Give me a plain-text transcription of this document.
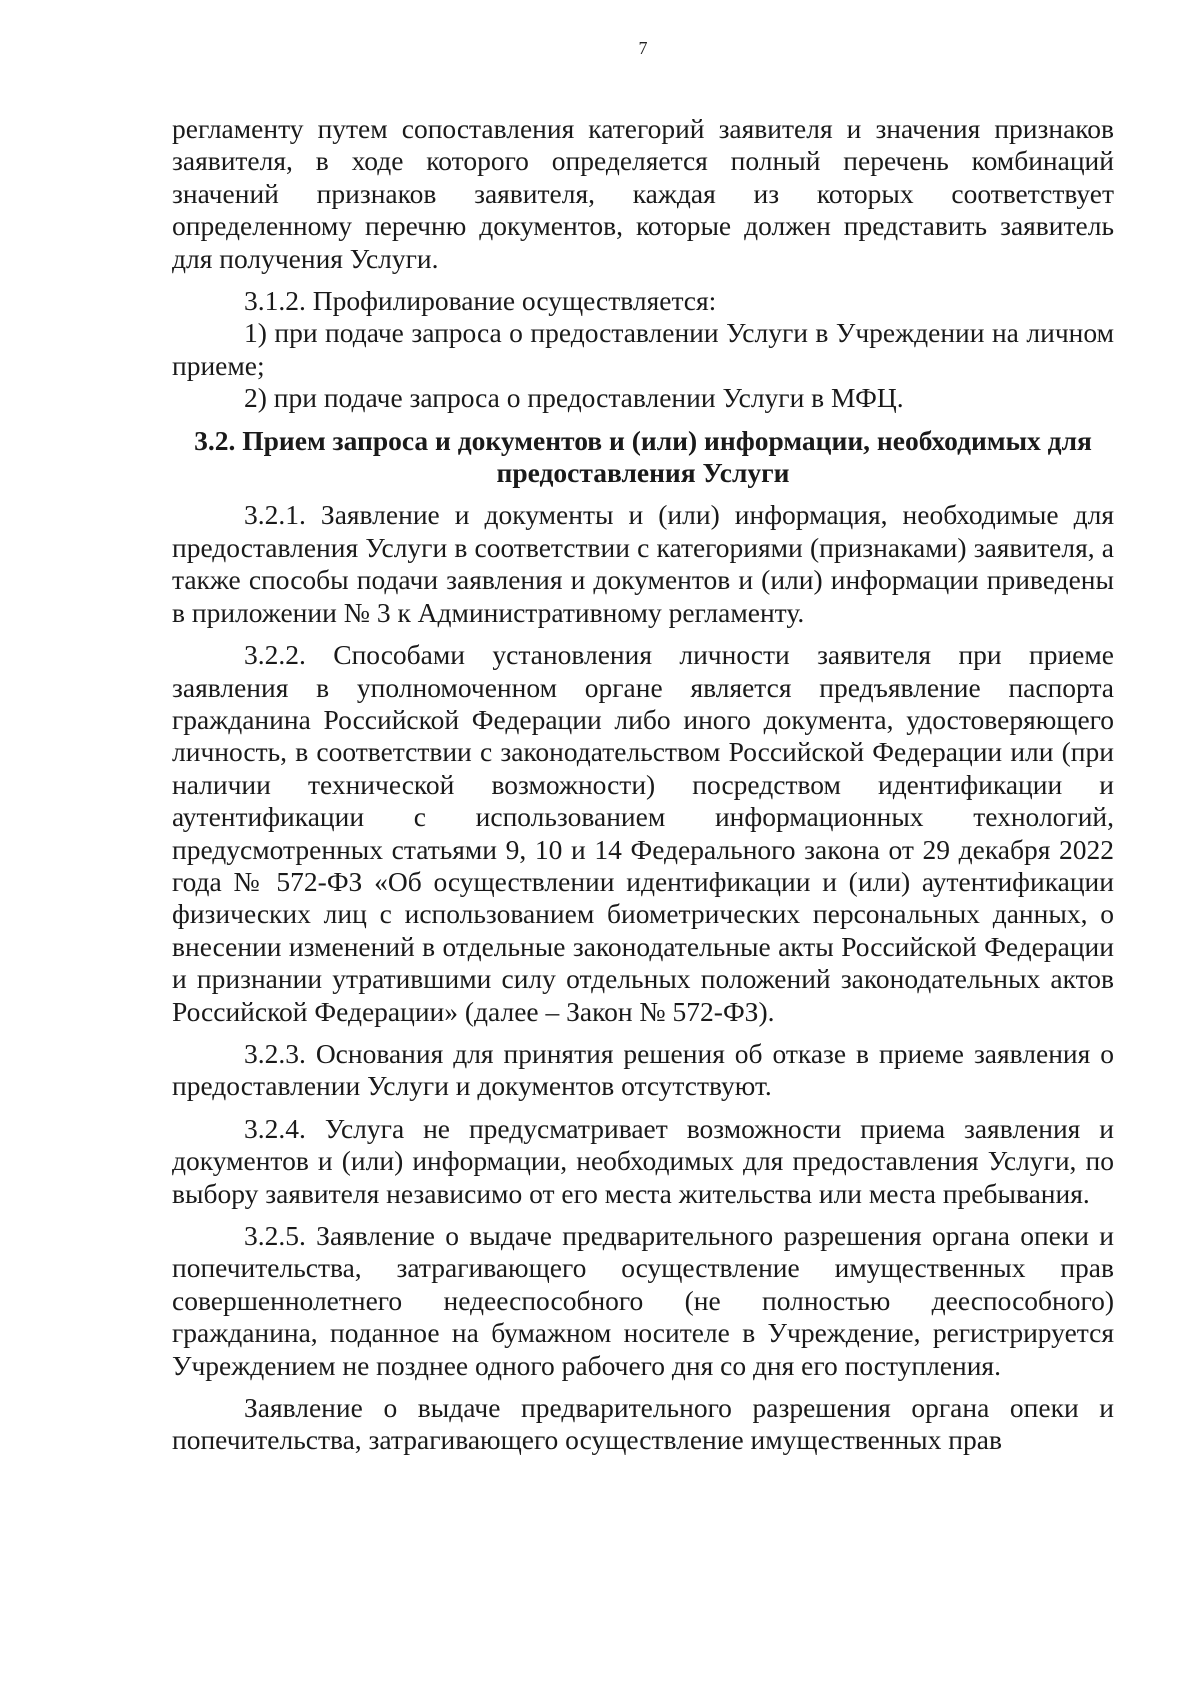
7

регламенту путем сопоставления категорий заявителя и значения признаков заявителя, в ходе которого определяется полный перечень комбинаций значений признаков заявителя, каждая из которых соответствует определенному перечню документов, которые должен представить заявитель для получения Услуги.

3.1.2. Профилирование осуществляется:

1) при подаче запроса о предоставлении Услуги в Учреждении на личном приеме;

2) при подаче запроса о предоставлении Услуги в МФЦ.

3.2. Прием запроса и документов и (или) информации, необходимых для предоставления Услуги

3.2.1. Заявление и документы и (или) информация, необходимые для предоставления Услуги в соответствии с категориями (признаками) заявителя, а также способы подачи заявления и документов и (или) информации приведены в приложении № 3 к Административному регламенту.

3.2.2. Способами установления личности заявителя при приеме заявления в уполномоченном органе является предъявление паспорта гражданина Российской Федерации либо иного документа, удостоверяющего личность, в соответствии с законодательством Российской Федерации или (при наличии технической возможности) посредством идентификации и аутентификации с использованием информационных технологий, предусмотренных статьями 9, 10 и 14 Федерального закона от 29 декабря 2022 года № 572-ФЗ «Об осуществлении идентификации и (или) аутентификации физических лиц с использованием биометрических персональных данных, о внесении изменений в отдельные законодательные акты Российской Федерации и признании утратившими силу отдельных положений законодательных актов Российской Федерации» (далее – Закон № 572-ФЗ).

3.2.3. Основания для принятия решения об отказе в приеме заявления о предоставлении Услуги и документов отсутствуют.

3.2.4. Услуга не предусматривает возможности приема заявления и документов и (или) информации, необходимых для предоставления Услуги, по выбору заявителя независимо от его места жительства или места пребывания.

3.2.5. Заявление о выдаче предварительного разрешения органа опеки и попечительства, затрагивающего осуществление имущественных прав совершеннолетнего недееспособного (не полностью дееспособного) гражданина, поданное на бумажном носителе в Учреждение, регистрируется Учреждением не позднее одного рабочего дня со дня его поступления.

Заявление о выдаче предварительного разрешения органа опеки и попечительства, затрагивающего осуществление имущественных прав
